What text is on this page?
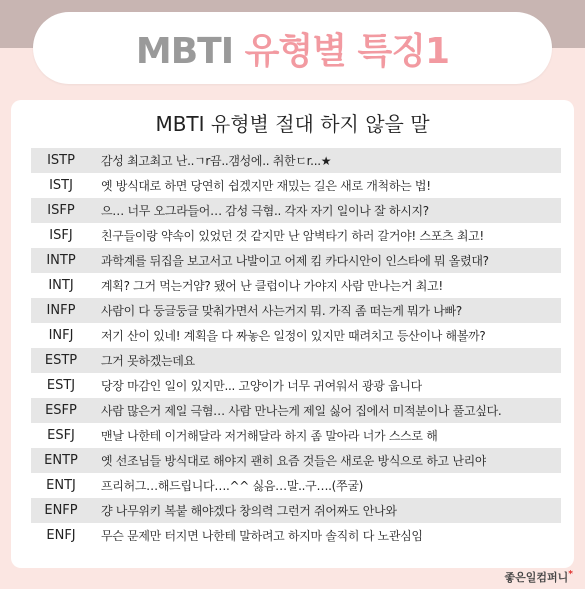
MBTI 유형별 특징1
MBTI 유형별 절대 하지 않을 말
ISTP	감성 최고최고 난..ㄱr끔..갬성에.. 취한ㄷr...★
ISTJ	옛 방식대로 하면 당연히 쉽겠지만 재밌는 길은 새로 개척하는 법!
ISFP	으… 너무 오그라들어… 감성 극혐.. 각자 자기 일이나 잘 하시지?
ISFJ	친구들이랑 약속이 있었던 것 같지만 난 암벽타기 하러 갈거야! 스포츠 최고!
INTP	과학계를 뒤집을 보고서고 나발이고 어제 킴 카다시안이 인스타에 뭐 올렸대?
INTJ	계획? 그거 먹는거얌? 됐어 난 클럽이나 가야지 사람 만나는거 최고!
INFP	사람이 다 둥글둥글 맞춰가면서 사는거지 뭐. 가직 좀 떠는게 뭐가 나빠?
INFJ	저기 산이 있네! 계획을 다 짜놓은 일정이 있지만 때려치고 등산이나 해볼까?
ESTP	그거 못하겠는데요
ESTJ	당장 마감인 일이 있지만... 고양이가 너무 귀여워서 광광 웁니다
ESFP	사람 많은거 제일 극혐… 사람 만나는게 제일 싫어 집에서 미적분이나 풀고싶다.
ESFJ	맨날 나한테 이거해달라 저거해달라 하지 좀 말아라 너가 스스로 해
ENTP	옛 선조님들 방식대로 해야지 괜히 요즘 것들은 새로운 방식으로 하고 난리야
ENTJ	프리허그…해드립니다….^^ 싫음…말..구….(쭈굴)
ENFP	걍 나무위키 복붙 해야겠다 창의력 그런거 쥐어짜도 안나와
ENFJ	무슨 문제만 터지면 나한테 말하려고 하지마 솔직히 다 노관심임
좋은일컴퍼니*
